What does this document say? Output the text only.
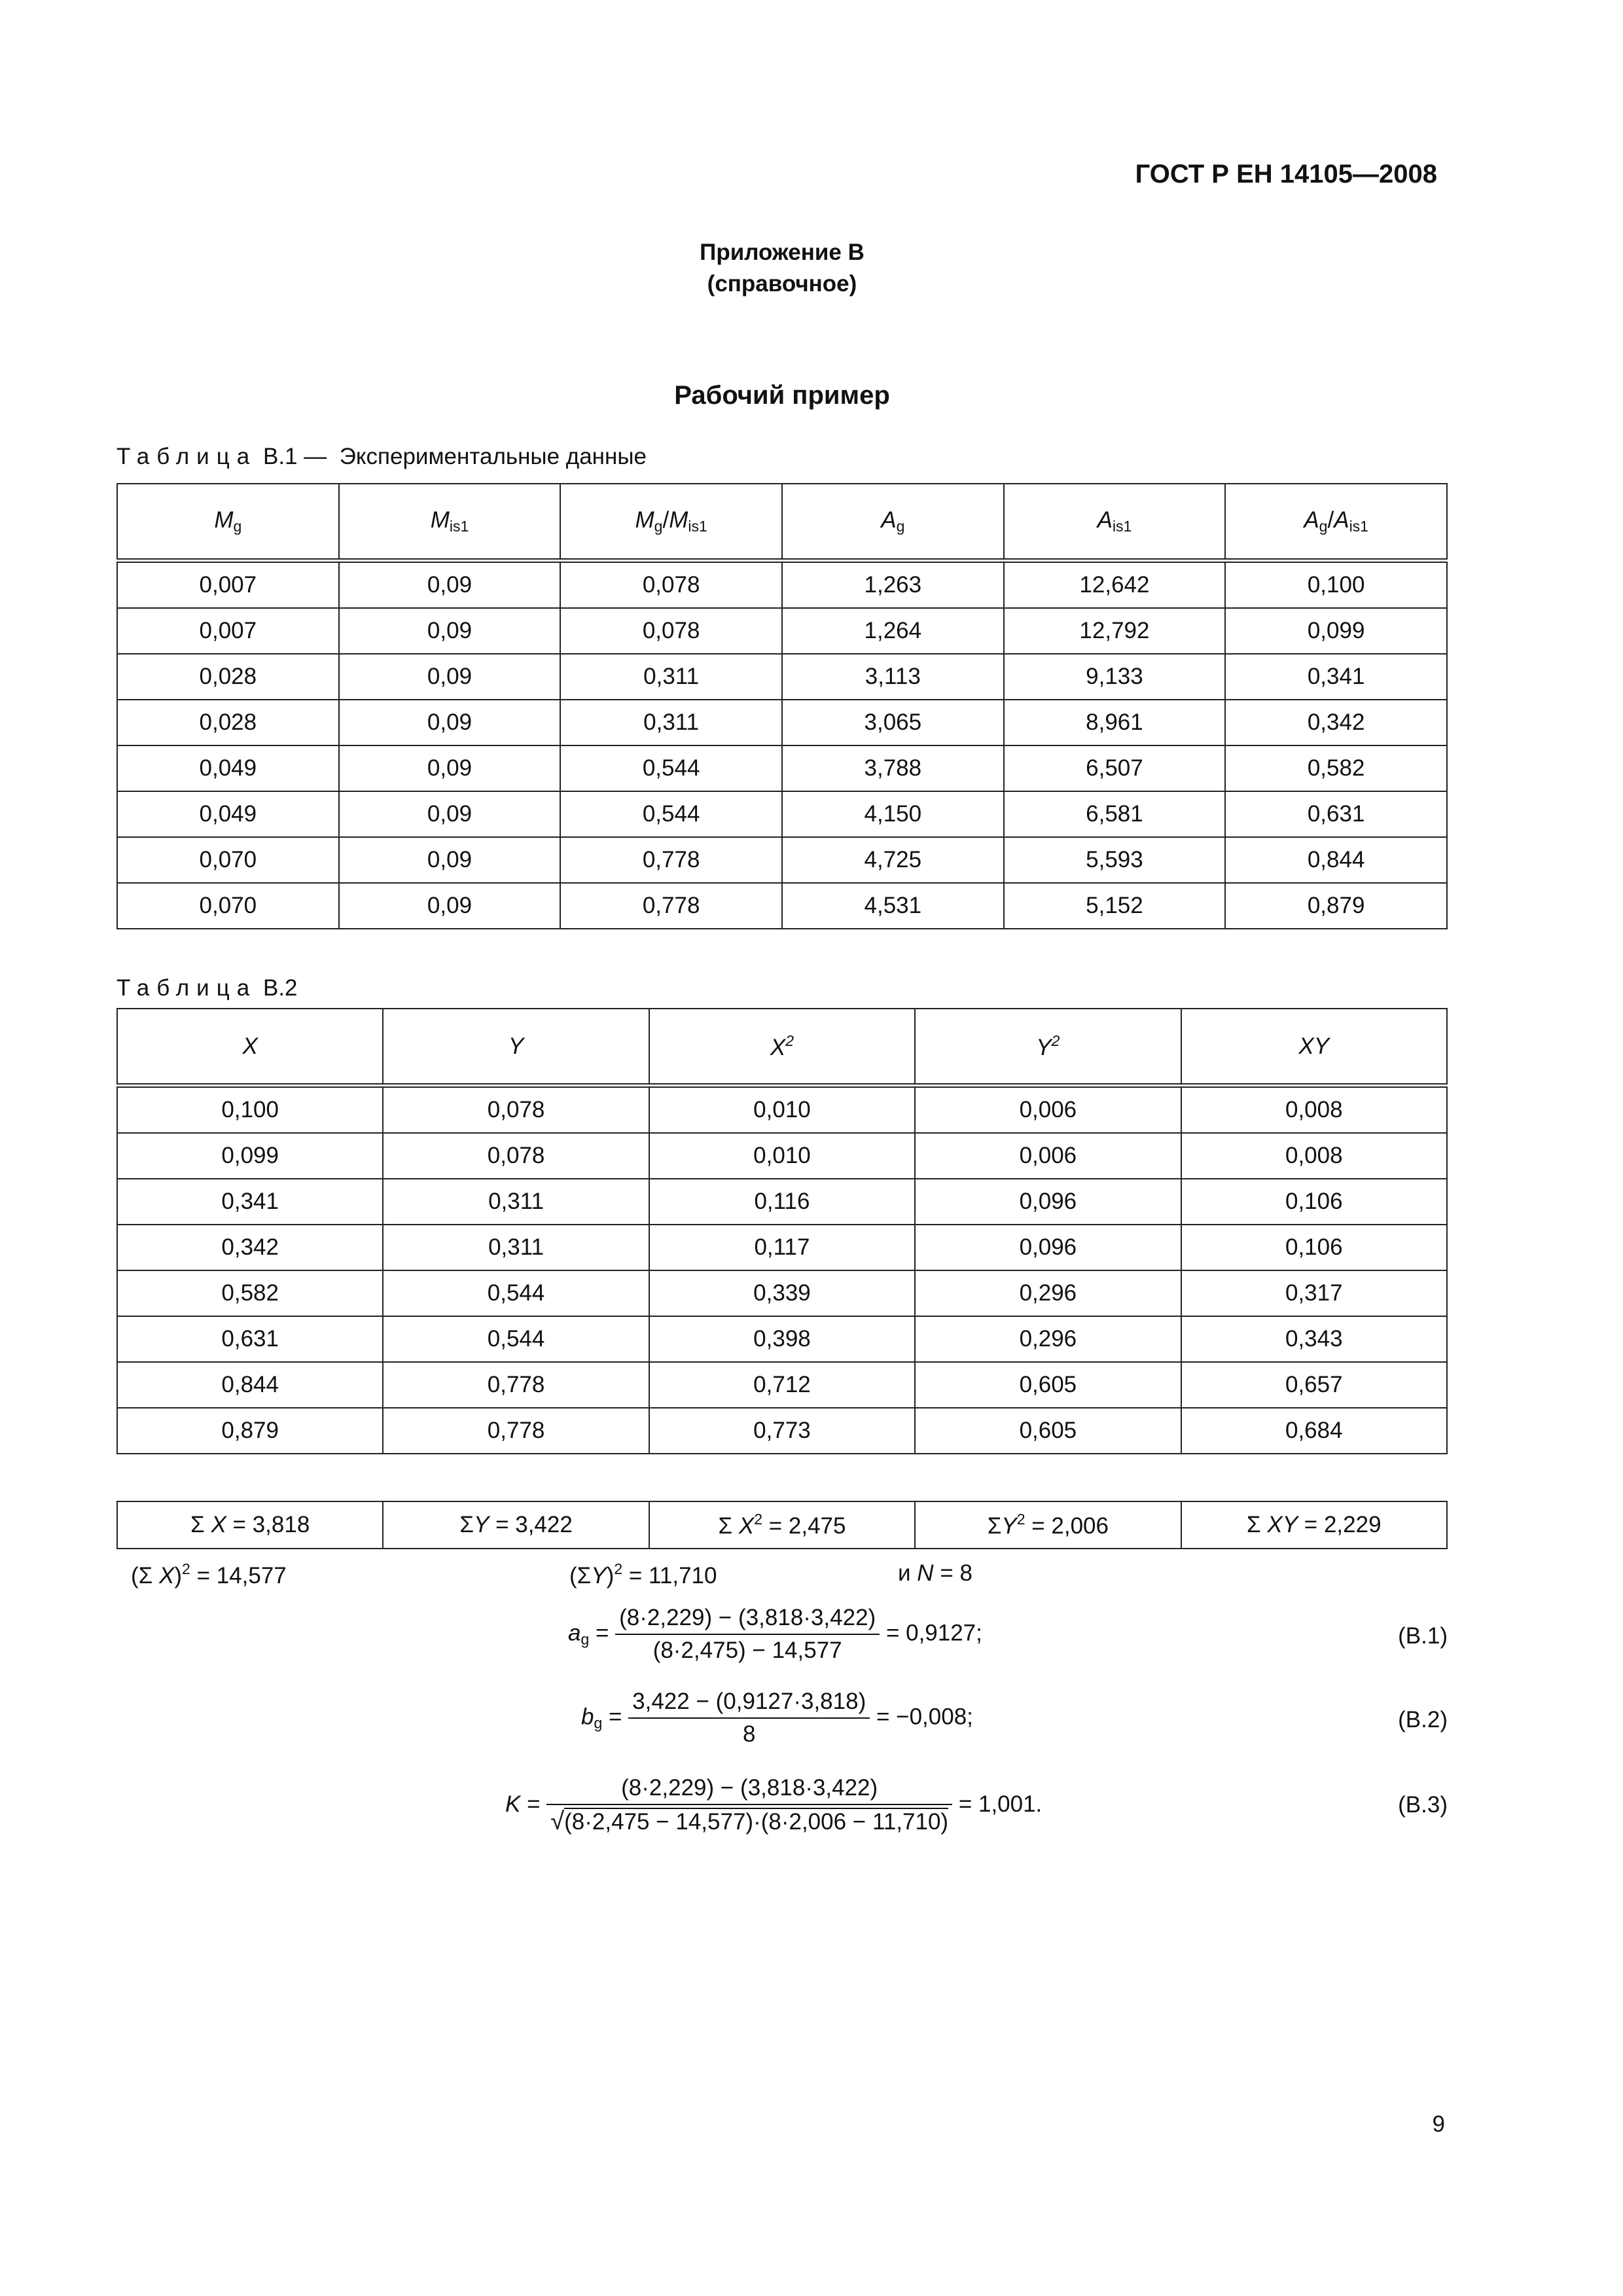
ГОСТ Р ЕН 14105—2008
Приложение В
(справочное)
Рабочий пример
Таблица В.1 — Экспериментальные данные
$M_g$	$M_{is1}$	$M_g/M_{is1}$	$A_g$	$A_{is1}$	$A_g/A_{is1}$
0,007	0,09	0,078	1,263	12,642	0,100
0,007	0,09	0,078	1,264	12,792	0,099
0,028	0,09	0,311	3,113	9,133	0,341
0,028	0,09	0,311	3,065	8,961	0,342
0,049	0,09	0,544	3,788	6,507	0,582
0,049	0,09	0,544	4,150	6,581	0,631
0,070	0,09	0,778	4,725	5,593	0,844
0,070	0,09	0,778	4,531	5,152	0,879
Таблица В.2
X	Y	$X^2$	$Y^2$	XY
0,100	0,078	0,010	0,006	0,008
0,099	0,078	0,010	0,006	0,008
0,341	0,311	0,116	0,096	0,106
0,342	0,311	0,117	0,096	0,106
0,582	0,544	0,339	0,296	0,317
0,631	0,544	0,398	0,296	0,343
0,844	0,778	0,712	0,605	0,657
0,879	0,778	0,773	0,605	0,684
Σ X = 3,818	ΣY = 3,422	Σ $X^2 = 2,475$	$\Sigma Y^2 = 2,006$	Σ XY = 2,229
(Σ X)$^2$ = 14,577	$(\Sigma Y)^2 = 11,710$	и N = 8
$a_g = \frac{(8\cdot 2,229) - (3,818\cdot 3,422)}{(8\cdot 2,475) - 14,577} = 0,9127$;	(В.1)
$b_g = \frac{3,422 - (0,9127\cdot 3,818)}{8} = -0,008$;	(В.2)
$K = \frac{(8\cdot 2,229) - (3,818\cdot 3,422)}{√(8\cdot 2,475 - 14,577)\cdot(8\cdot 2,006 - 11,710)} = 1,001$.	(В.3)
9
